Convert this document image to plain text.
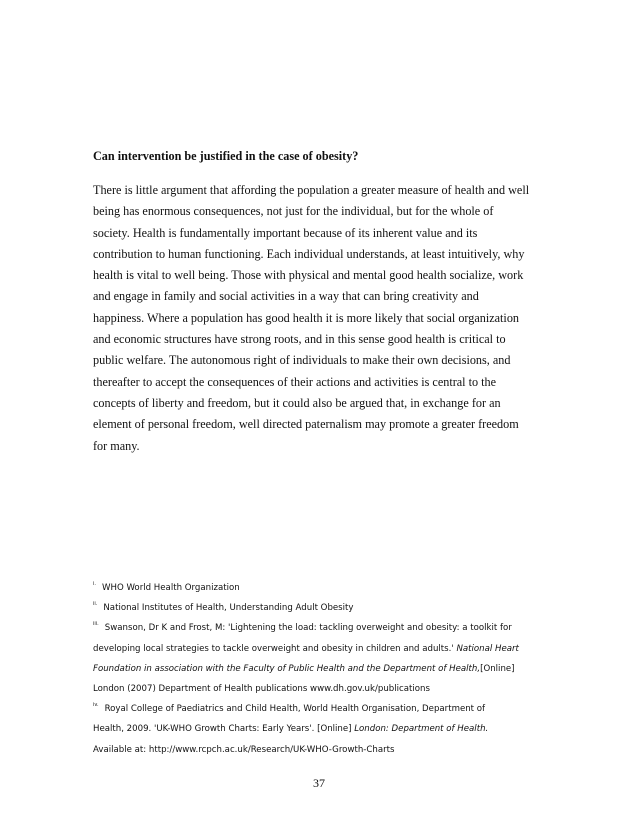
Can intervention be justified in the case of obesity?
There is little argument that affording the population a greater measure of health and well
being has enormous consequences, not just for the individual, but for the whole of
society. Health is fundamentally important because of its inherent value and its
contribution to human functioning. Each individual understands, at least intuitively, why
health is vital to well being. Those with physical and mental good health socialize, work
and engage in family and social activities in a way that can bring creativity and
happiness. Where a population has good health it is more likely that social organization
and economic structures have strong roots, and in this sense good health is critical to
public welfare. The autonomous right of individuals to make their own decisions, and
thereafter to accept the consequences of their actions and activities is central to the
concepts of liberty and freedom, but it could also be argued that, in exchange for an
element of personal freedom, well directed paternalism may promote a greater freedom
for many.
$^{i.}$ WHO World Health Organization
$^{ii.}$ National Institutes of Health, Understanding Adult Obesity
$^{iii.}$ Swanson, Dr K and Frost, M: 'Lightening the load: tackling overweight and obesity: a toolkit for
developing local strategies to tackle overweight and obesity in children and adults.' National Heart
Foundation in association with the Faculty of Public Health and the Department of Health,[Online]
London (2007) Department of Health publications www.dh.gov.uk/publications
$^{iv.}$ Royal College of Paediatrics and Child Health, World Health Organisation, Department of
Health, 2009. 'UK-WHO Growth Charts: Early Years'. [Online] London: Department of Health.
Available at: http://www.rcpch.ac.uk/Research/UK-WHO-Growth-Charts
37
